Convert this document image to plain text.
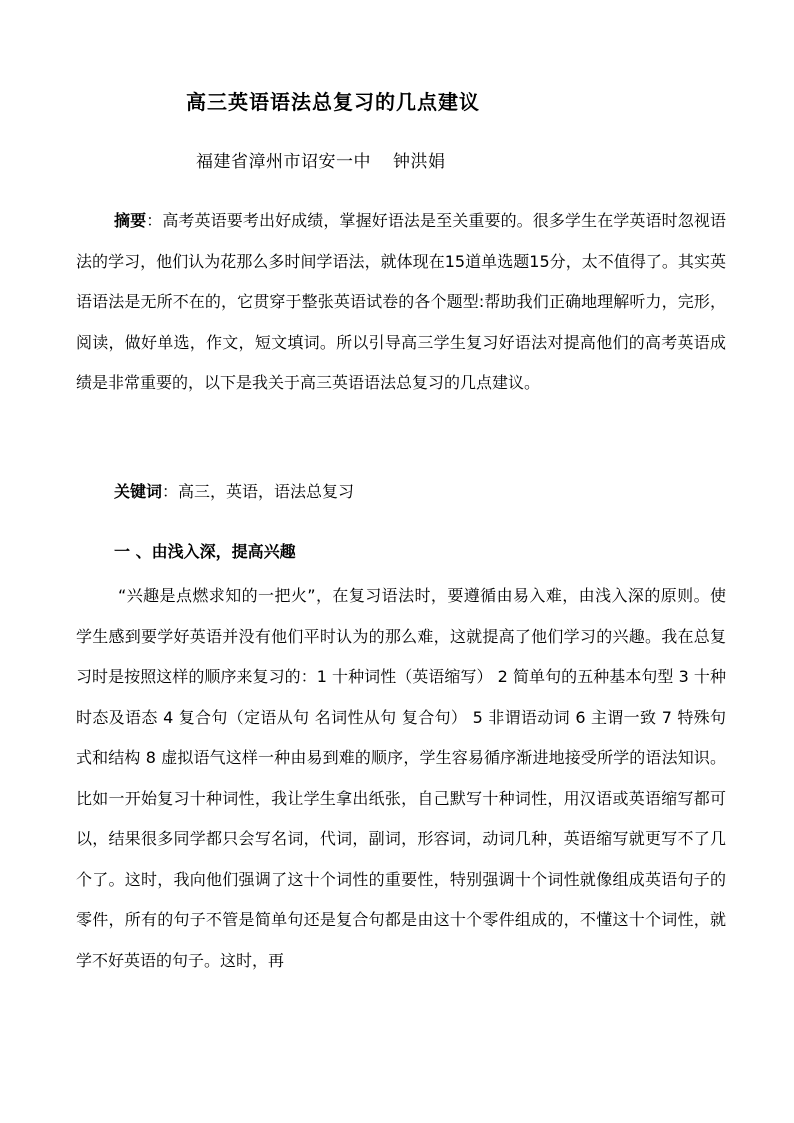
高三英语语法总复习的几点建议
福建省漳州市诏安一中 钟洪娟

摘要：高考英语要考出好成绩，掌握好语法是至关重要的。很多学生在学英语时忽视语法的学习，他们认为花那么多时间学语法，就体现在15道单选题15分，太不值得了。其实英语语法是无所不在的，它贯穿于整张英语试卷的各个题型:帮助我们正确地理解听力，完形，阅读，做好单选，作文，短文填词。所以引导高三学生复习好语法对提高他们的高考英语成绩是非常重要的，以下是我关于高三英语语法总复习的几点建议。

关键词：高三，英语，语法总复习

一 、由浅入深，提高兴趣

“兴趣是点燃求知的一把火”，在复习语法时，要遵循由易入难，由浅入深的原则。使学生感到要学好英语并没有他们平时认为的那么难，这就提高了他们学习的兴趣。我在总复习时是按照这样的顺序来复习的：1 十种词性（英语缩写） 2 简单句的五种基本句型 3 十种时态及语态 4 复合句（定语从句 名词性从句 复合句） 5 非谓语动词 6 主谓一致 7 特殊句式和结构 8 虚拟语气这样一种由易到难的顺序，学生容易循序渐进地接受所学的语法知识。比如一开始复习十种词性，我让学生拿出纸张，自己默写十种词性，用汉语或英语缩写都可以，结果很多同学都只会写名词，代词，副词，形容词，动词几种，英语缩写就更写不了几个了。这时，我向他们强调了这十个词性的重要性，特别强调十个词性就像组成英语句子的零件，所有的句子不管是简单句还是复合句都是由这十个零件组成的，不懂这十个词性，就学不好英语的句子。这时，再
